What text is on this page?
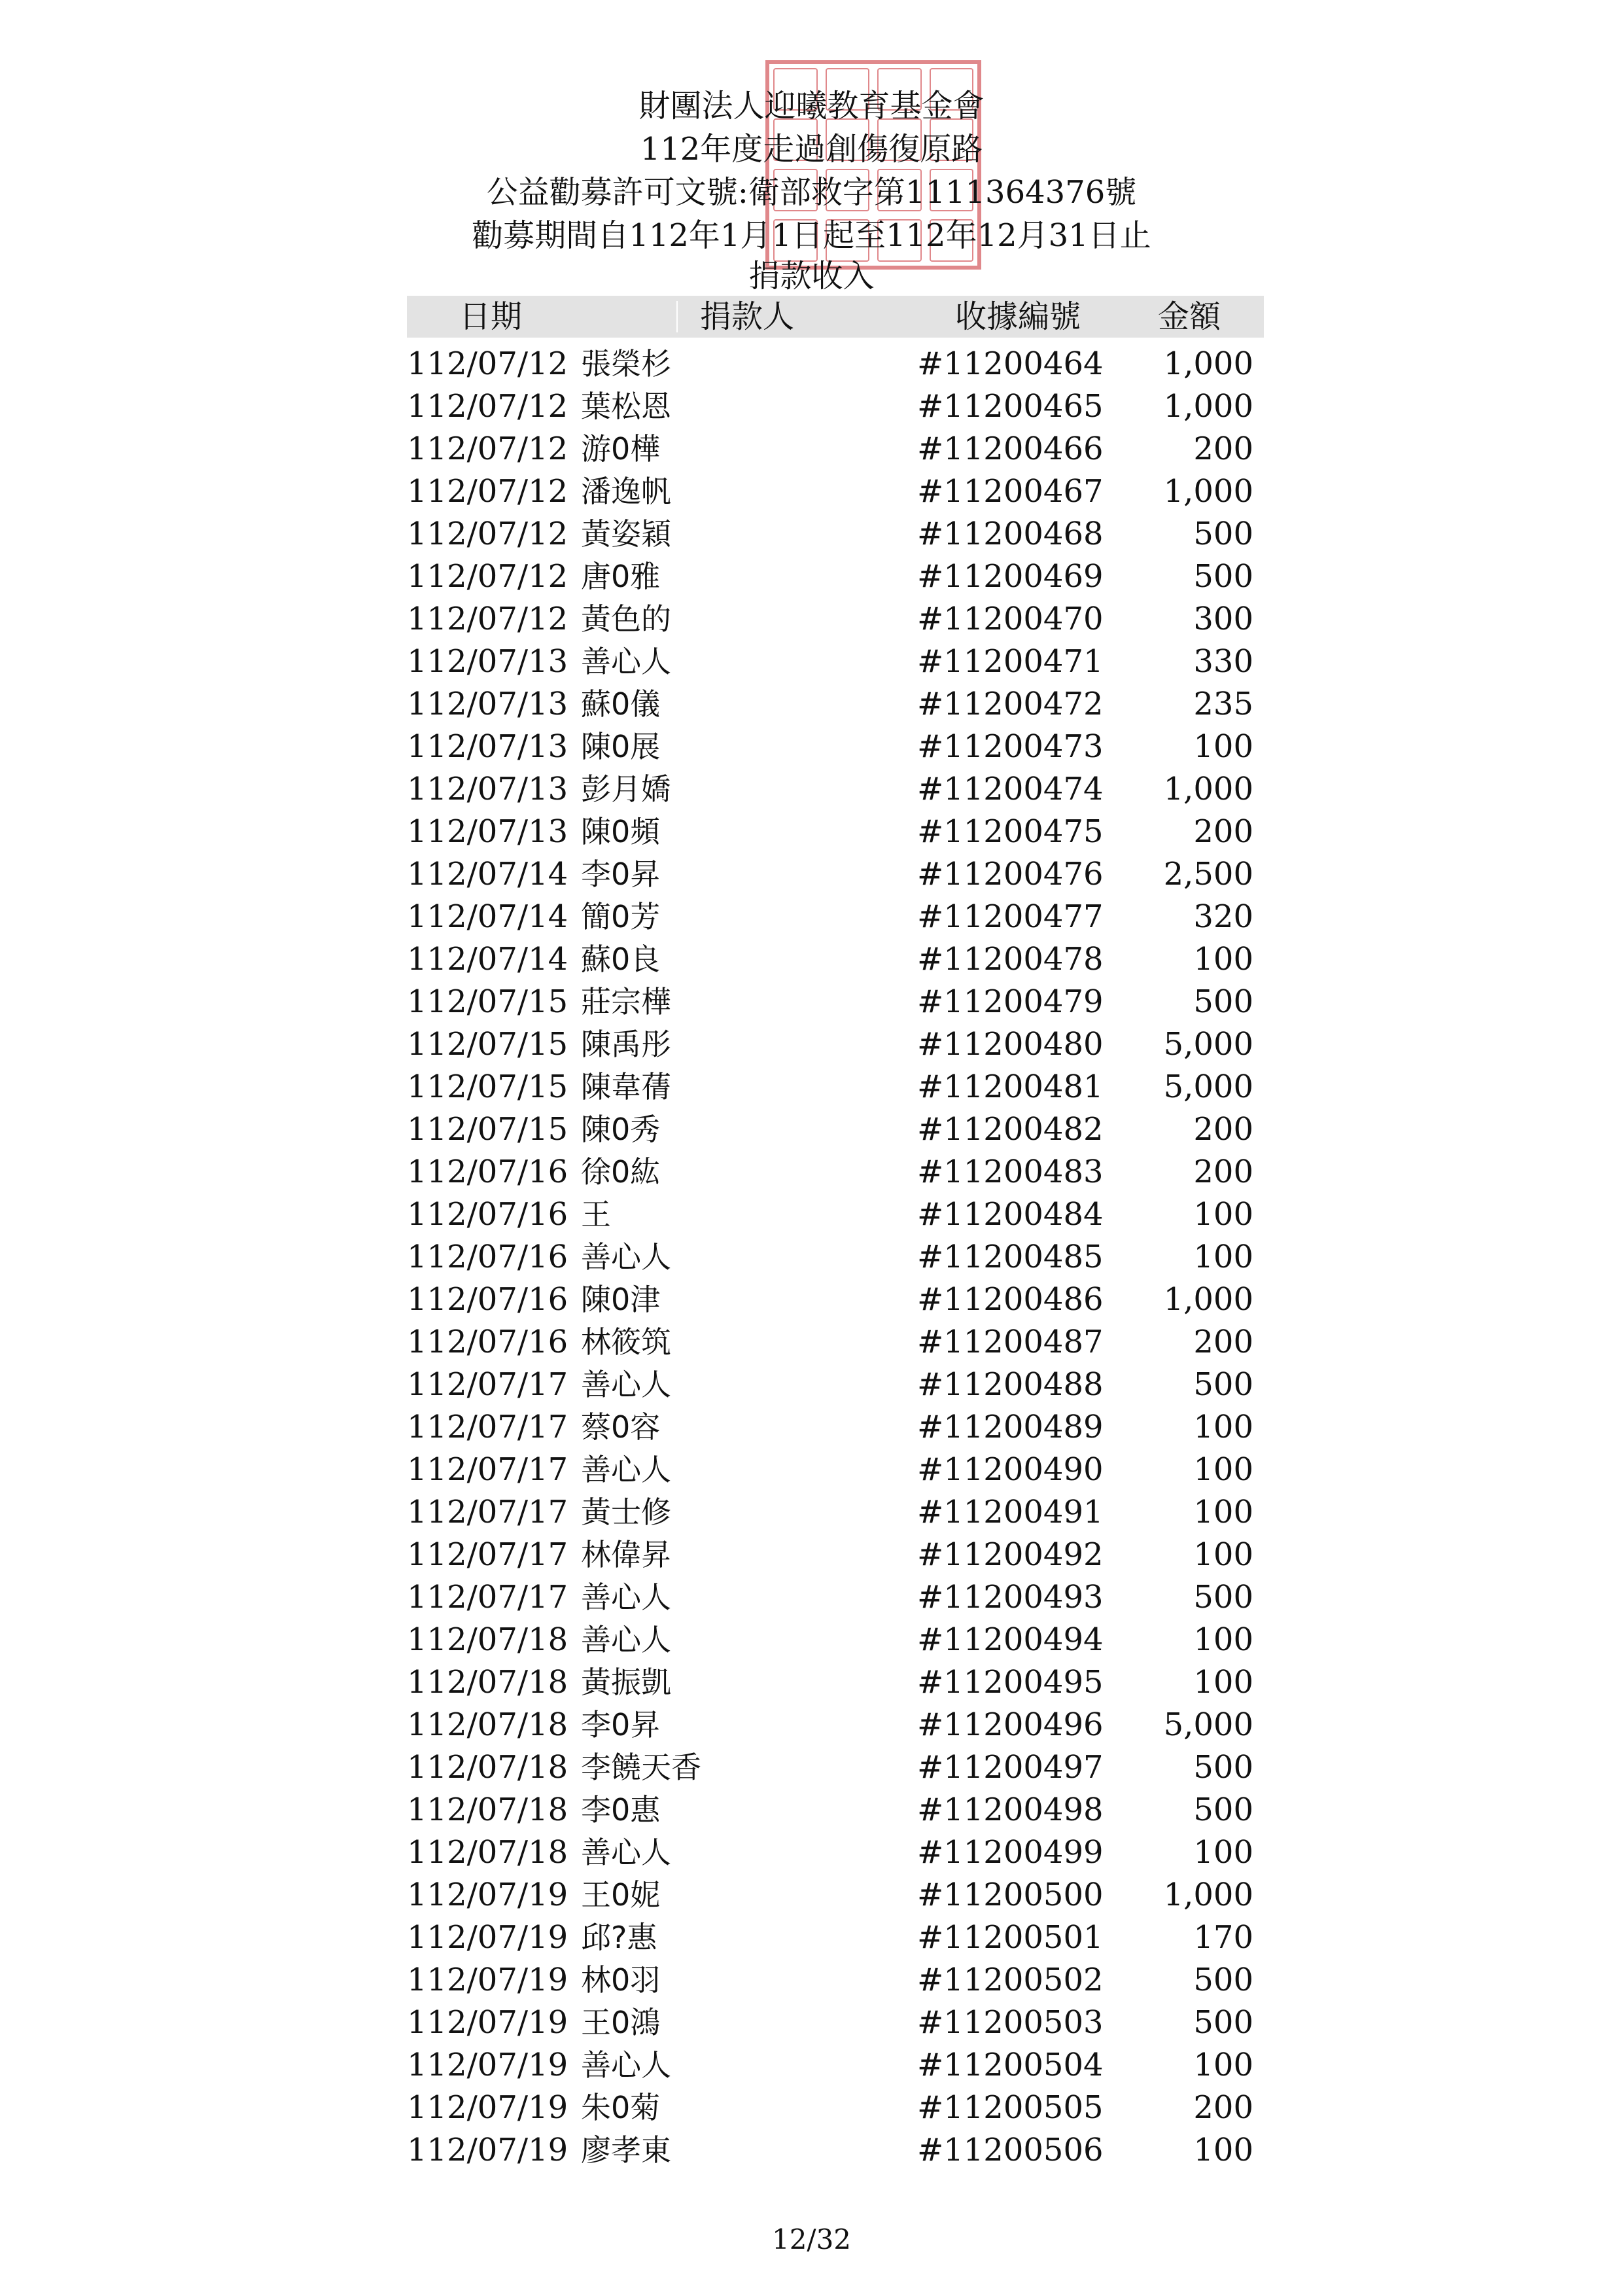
財團法人迎曦教育基金會
112年度走過創傷復原路
公益勸募許可文號:衛部救字第1111364376號
勸募期間自112年1月1日起至112年12月31日止
捐款收入
日期	捐款人	收據編號 金額
112/07/12 張榮杉	#11200464	1,000
112/07/12 葉松恩	#11200465	1,000
112/07/12 游0樺	#11200466	200
112/07/12 潘逸帆	#11200467	1,000
112/07/12 黃姿穎	#11200468	500
112/07/12 唐0雅	#11200469	500
112/07/12 黃色的	#11200470	300
112/07/13 善心人	#11200471	330
112/07/13 蘇0儀	#11200472	235
112/07/13 陳0展	#11200473	100
112/07/13 彭月嬌	#11200474	1,000
112/07/13 陳0頻	#11200475	200
112/07/14 李0昇	#11200476	2,500
112/07/14 簡0芳	#11200477	320
112/07/14 蘇0良	#11200478	100
112/07/15 莊宗樺	#11200479	500
112/07/15 陳禹彤	#11200480	5,000
112/07/15 陳韋蒨	#11200481	5,000
112/07/15 陳0秀	#11200482	200
112/07/16 徐0紘	#11200483	200
112/07/16 王	#11200484	100
112/07/16 善心人	#11200485	100
112/07/16 陳0津	#11200486	1,000
112/07/16 林筱筑	#11200487	200
112/07/17 善心人	#11200488	500
112/07/17 蔡0容	#11200489	100
112/07/17 善心人	#11200490	100
112/07/17 黃士修	#11200491	100
112/07/17 林偉昇	#11200492	100
112/07/17 善心人	#11200493	500
112/07/18 善心人	#11200494	100
112/07/18 黃振凱	#11200495	100
112/07/18 李0昇	#11200496	5,000
112/07/18 李饒天香	#11200497	500
112/07/18 李0惠	#11200498	500
112/07/18 善心人	#11200499	100
112/07/19 王0妮	#11200500	1,000
112/07/19 邱?惠	#11200501	170
112/07/19 林0羽	#11200502	500
112/07/19 王0鴻	#11200503	500
112/07/19 善心人	#11200504	100
112/07/19 朱0菊	#11200505	200
112/07/19 廖孝東	#11200506	100
12/32
